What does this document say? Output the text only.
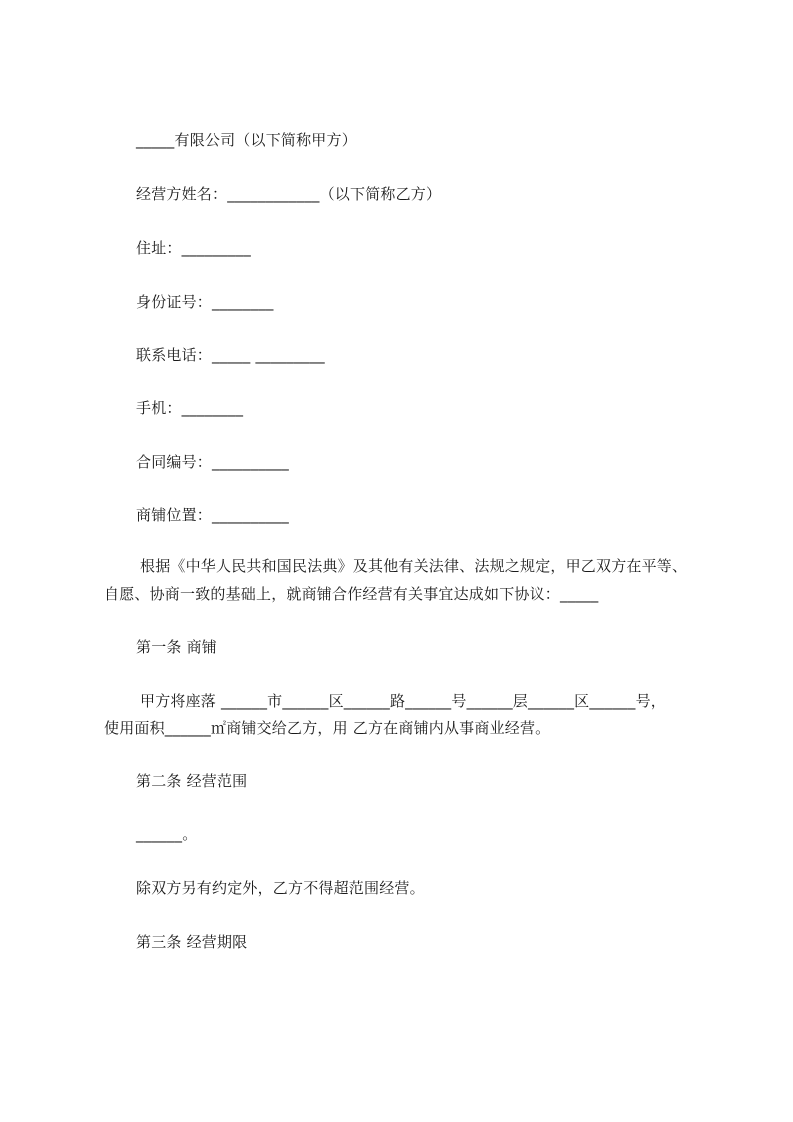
_____有限公司（以下简称甲方）
经营方姓名：____________（以下简称乙方）
住址：_________
身份证号：________
联系电话：_____ _________
手机：________
合同编号：__________
商铺位置：__________
根据《中华人民共和国民法典》及其他有关法律、法规之规定，甲乙双方在平等、
自愿、协商一致的基础上，就商铺合作经营有关事宜达成如下协议：_____
第一条 商铺
甲方将座落 ______市______区______路______号______层______区______号，
使用面积______㎡商铺交给乙方，用 乙方在商铺内从事商业经营。
第二条 经营范围
______。
除双方另有约定外，乙方不得超范围经营。
第三条 经营期限
